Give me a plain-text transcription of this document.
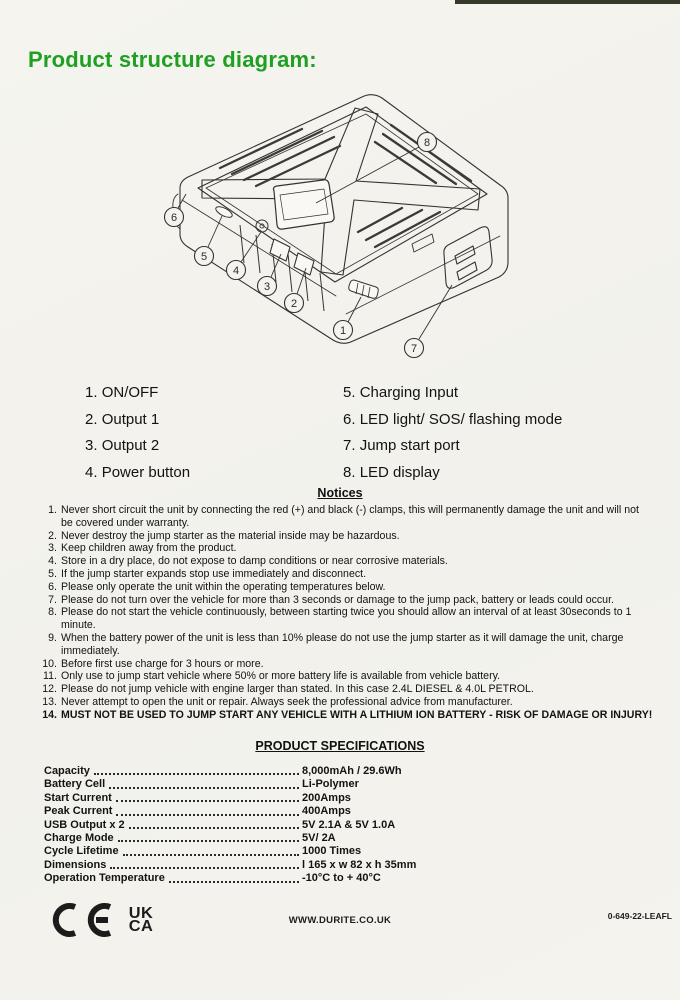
Product structure diagram:
8
6
5
4
3
2
1
7
1. ON/OFF
2. Output 1
3. Output 2
4. Power button
5. Charging Input
6. LED light/ SOS/ flashing mode
7. Jump start port
8. LED display
Notices
1. Never short circuit the unit by connecting the red (+) and black (-) clamps, this will permanently damage the unit and will not be covered under warranty.
2. Never destroy the jump starter as the material inside may be hazardous.
3. Keep children away from the product.
4. Store in a dry place, do not expose to damp conditions or near corrosive materials.
5. If the jump starter expands stop use immediately and disconnect.
6. Please only operate the unit within the operating temperatures below.
7. Please do not turn over the vehicle for more than 3 seconds or damage to the jump pack, battery or leads could occur.
8. Please do not start the vehicle continuously, between starting twice you should allow an interval of at least 30seconds to 1 minute.
9. When the battery power of the unit is less than 10% please do not use the jump starter as it will damage the unit, charge immediately.
10. Before first use charge for 3 hours or more.
11. Only use to jump start vehicle where 50% or more battery life is available from vehicle battery.
12. Please do not jump vehicle with engine larger than stated. In this case 2.4L DIESEL & 4.0L PETROL.
13. Never attempt to open the unit or repair. Always seek the professional advice from manufacturer.
14. MUST NOT BE USED TO JUMP START ANY VEHICLE WITH A LITHIUM ION BATTERY - RISK OF DAMAGE OR INJURY!
PRODUCT SPECIFICATIONS
Capacity	8,000mAh / 29.6Wh
Battery Cell	Li-Polymer
Start Current	200Amps
Peak Current	400Amps
USB Output x 2	5V 2.1A & 5V 1.0A
Charge Mode	5V/ 2A
Cycle Lifetime	1000 Times
Dimensions	l 165 x w 82 x h 35mm
Operation Temperature	-10°C to + 40°C
UK
CA	WWW.DURITE.CO.UK	0-649-22-LEAFL
